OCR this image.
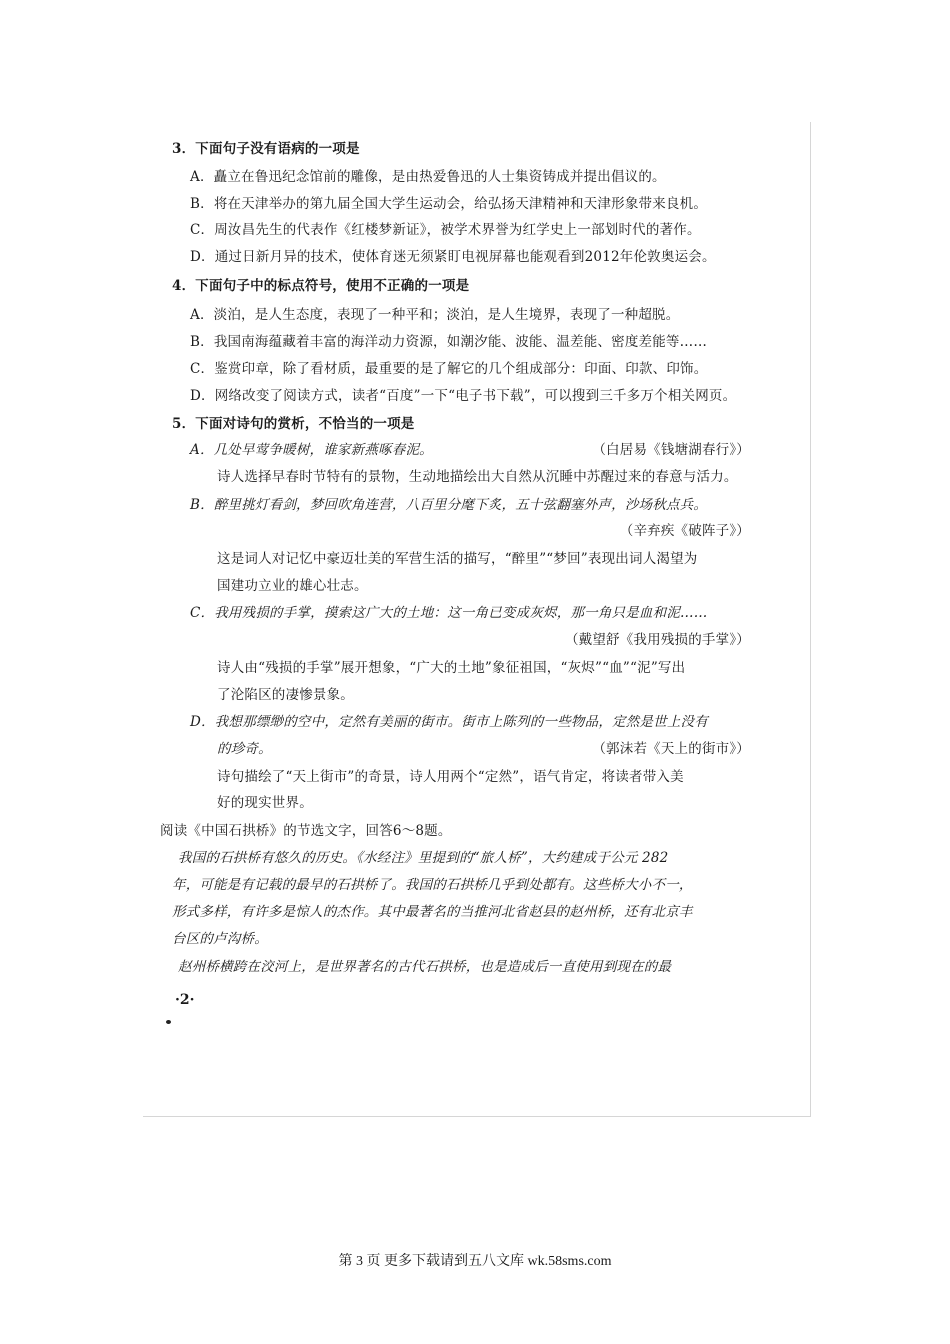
3．下面句子没有语病的一项是
A．矗立在鲁迅纪念馆前的雕像，是由热爱鲁迅的人士集资铸成并提出倡议的。
B．将在天津举办的第九届全国大学生运动会，给弘扬天津精神和天津形象带来良机。
C．周汝昌先生的代表作《红楼梦新证》，被学术界誉为红学史上一部划时代的著作。
D．通过日新月异的技术，使体育迷无须紧盯电视屏幕也能观看到2012年伦敦奥运会。
4．下面句子中的标点符号，使用不正确的一项是
A．淡泊，是人生态度，表现了一种平和；淡泊，是人生境界，表现了一种超脱。
B．我国南海蕴藏着丰富的海洋动力资源，如潮汐能、波能、温差能、密度差能等……
C．鉴赏印章，除了看材质，最重要的是了解它的几个组成部分：印面、印款、印饰。
D．网络改变了阅读方式，读者“百度”一下“电子书下载”，可以搜到三千多万个相关网页。
5．下面对诗句的赏析，不恰当的一项是
A．几处早莺争暖树，谁家新燕啄春泥。	（白居易《钱塘湖春行》）
诗人选择早春时节特有的景物，生动地描绘出大自然从沉睡中苏醒过来的春意与活力。
B．醉里挑灯看剑，梦回吹角连营，八百里分麾下炙，五十弦翻塞外声，沙场秋点兵。
（辛弃疾《破阵子》）
这是词人对记忆中豪迈壮美的军营生活的描写，“醉里”“梦回”表现出词人渴望为
国建功立业的雄心壮志。
C．我用残损的手掌，摸索这广大的土地：这一角已变成灰烬，那一角只是血和泥……
（戴望舒《我用残损的手掌》）
诗人由“残损的手掌”展开想象，“广大的土地”象征祖国，“灰烬”“血”“泥”写出
了沦陷区的凄惨景象。
D．我想那缥缈的空中，定然有美丽的街市。街市上陈列的一些物品，定然是世上没有
的珍奇。	（郭沫若《天上的街市》）
诗句描绘了“天上街市”的奇景，诗人用两个“定然”，语气肯定，将读者带入美
好的现实世界。
阅读《中国石拱桥》的节选文字，回答6～8题。
我国的石拱桥有悠久的历史。《水经注》里提到的“旅人桥”，大约建成于公元 282
年，可能是有记载的最早的石拱桥了。我国的石拱桥几乎到处都有。这些桥大小不一，
形式多样，有许多是惊人的杰作。其中最著名的当推河北省赵县的赵州桥，还有北京丰
台区的卢沟桥。
赵州桥横跨在洨河上，是世界著名的古代石拱桥，也是造成后一直使用到现在的最
·2·
第 3 页 更多下载请到五八文库 wk.58sms.com
